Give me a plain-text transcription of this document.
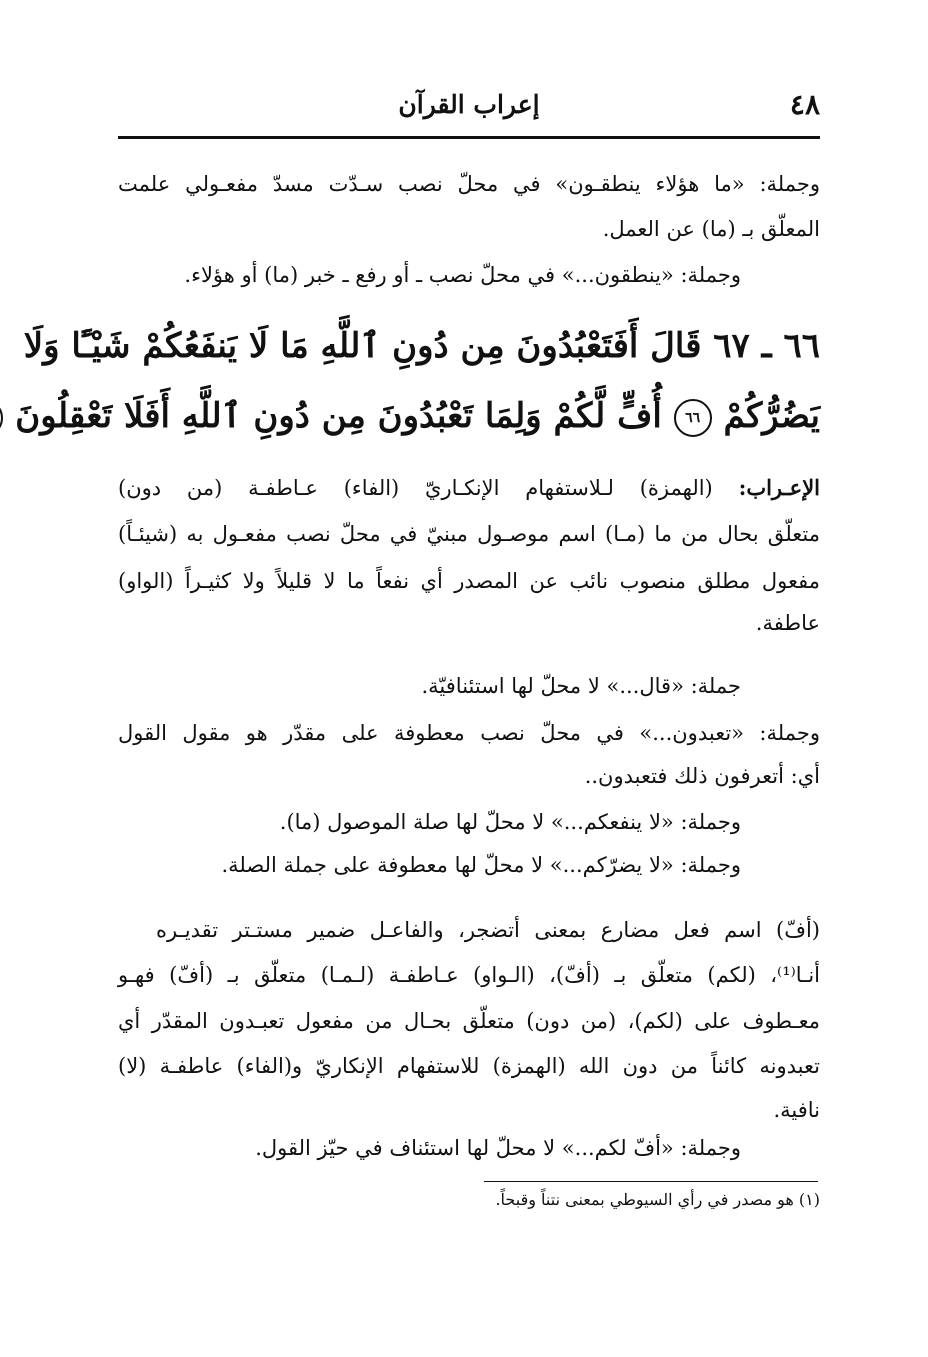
٤٨
إعراب القرآن
وجملة: «ما هؤلاء ينطقـون» في محلّ نصب سـدّت مسدّ مفعـولي علمت
المعلّق بـ (ما) عن العمل.
وجملة: «ينطقون...» في محلّ نصب ـ أو رفع ـ خبر (ما) أو هؤلاء.
٦٦ ـ ٦٧ قَالَ أَفَتَعْبُدُونَ مِن دُونِ ٱللَّهِ مَا لَا يَنفَعُكُمْ شَيْـًٔا وَلَا
يَضُرُّكُمْ ٦٦ أُفٍّ لَّكُمْ وَلِمَا تَعْبُدُونَ مِن دُونِ ٱللَّهِ أَفَلَا تَعْقِلُونَ
الإعـراب: (الهمزة) لـلاستفهام الإنكـاريّ (الفاء) عـاطفـة (من دون)
متعلّق بحال من ما (مـا) اسم موصـول مبنيّ في محلّ نصب مفعـول به (شيئـاً)
مفعول مطلق منصوب نائب عن المصدر أي نفعاً ما لا قليلاً ولا كثيـراً (الواو)
عاطفة.
جملة: «قال...» لا محلّ لها استئنافيّة.
وجملة: «تعبدون...» في محلّ نصب معطوفة على مقدّر هو مقول القول
أي: أتعرفون ذلك فتعبدون..
وجملة: «لا ينفعكم...» لا محلّ لها صلة الموصول (ما).
وجملة: «لا يضرّكم...» لا محلّ لها معطوفة على جملة الصلة.
(أفّ) اسم فعل مضارع بمعنى أتضجر، والفاعـل ضمير مستـتر تقديـره
أنـا⁽¹⁾، (لكم) متعلّق بـ (أفّ)، (الـواو) عـاطفـة (لـمـا) متعلّق بـ (أفّ) فهـو
معـطوف على (لكم)، (من دون) متعلّق بحـال من مفعول تعبـدون المقدّر أي
تعبدونه كائناً من دون الله (الهمزة) للاستفهام الإنكاريّ و(الفاء) عاطفـة (لا)
نافية.
وجملة: «أفّ لكم...» لا محلّ لها استئناف في حيّز القول.
(١) هو مصدر في رأي السيوطي بمعنى نتناً وقبحاً.
